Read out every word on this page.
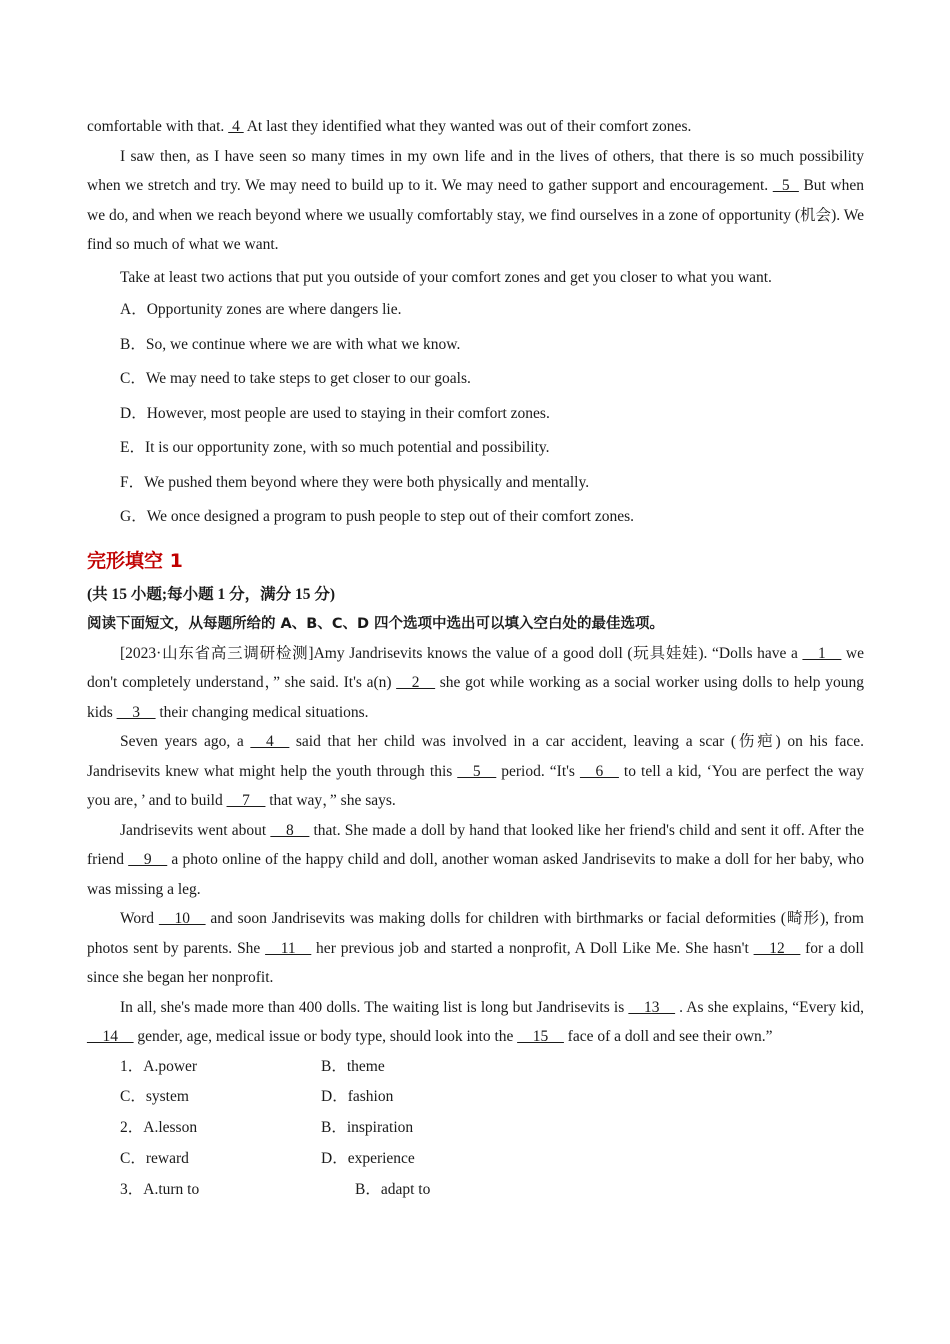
comfortable with that.  4  At last they identified what they wanted was out of their comfort zones.

I saw then, as I have seen so many times in my own life and in the lives of others, that there is so much possibility when we stretch and try. We may need to build up to it. We may need to gather support and encouragement.   5   But when we do, and when we reach beyond where we usually comfortably stay, we find ourselves in a zone of opportunity (机会). We find so much of what we want.

Take at least two actions that put you outside of your comfort zones and get you closer to what you want.

A．Opportunity zones are where dangers lie.

B．So, we continue where we are with what we know.

C．We may need to take steps to get closer to our goals.

D．However, most people are used to staying in their comfort zones.

E．It is our opportunity zone, with so much potential and possibility.

F．We pushed them beyond where they were both physically and mentally.

G．We once designed a program to push people to step out of their comfort zones.

完形填空 1

(共 15 小题;每小题 1 分，满分 15 分)

阅读下面短文，从每题所给的 A、B、C、D 四个选项中选出可以填入空白处的最佳选项。

[2023·山东省高三调研检测]Amy Jandrisevits knows the value of a good doll (玩具娃娃). “Dolls have a __1__ we don't completely understand，” she said. It's a(n) __2__ she got while working as a social worker using dolls to help young kids __3__ their changing medical situations.

Seven years ago, a __4__ said that her child was involved in a car accident, leaving a scar (伤疤) on his face. Jandrisevits knew what might help the youth through this __5__ period. “It's __6__ to tell a kid, ‘You are perfect the way you are，’ and to build __7__ that way，” she says.

Jandrisevits went about __8__ that. She made a doll by hand that looked like her friend's child and sent it off. After the friend __9__ a photo online of the happy child and doll, another woman asked Jandrisevits to make a doll for her baby, who was missing a leg.

Word __10__ and soon Jandrisevits was making dolls for children with birthmarks or facial deformities (畸形), from photos sent by parents. She __11__ her previous job and started a nonprofit, A Doll Like Me. She hasn't __12__ for a doll since she began her nonprofit.

In all, she's made more than 400 dolls. The waiting list is long but Jandrisevits is __13__ . As she explains, “Every kid, __14__ gender, age, medical issue or body type, should look into the __15__ face of a doll and see their own.”

1．A.power	B．theme
C．system	D．fashion
2．A.lesson	B．inspiration
C．reward	D．experience
3．A.turn to	B．adapt to
